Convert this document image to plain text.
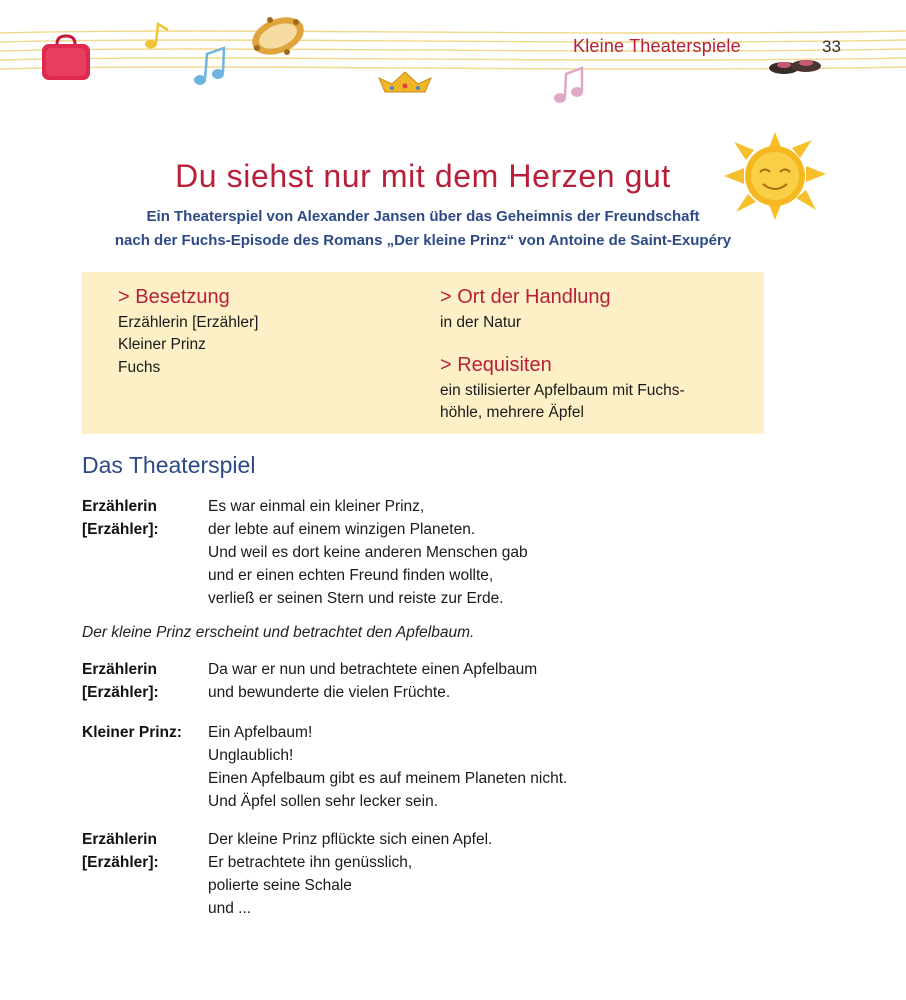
Kleine Theaterspiele	33
Du siehst nur mit dem Herzen gut
Ein Theaterspiel von Alexander Jansen über das Geheimnis der Freundschaft
nach der Fuchs-Episode des Romans „Der kleine Prinz“ von Antoine de Saint-Exupéry
> Besetzung
Erzählerin [Erzähler]
Kleiner Prinz
Fuchs
> Ort der Handlung
in der Natur
> Requisiten
ein stilisierter Apfelbaum mit Fuchs-
höhle, mehrere Äpfel
Das Theaterspiel
Erzählerin
[Erzähler]:
Es war einmal ein kleiner Prinz,
der lebte auf einem winzigen Planeten.
Und weil es dort keine anderen Menschen gab
und er einen echten Freund finden wollte,
verließ er seinen Stern und reiste zur Erde.
Der kleine Prinz erscheint und betrachtet den Apfelbaum.
Erzählerin
[Erzähler]:
Da war er nun und betrachtete einen Apfelbaum
und bewunderte die vielen Früchte.
Kleiner Prinz: Ein Apfelbaum!
Unglaublich!
Einen Apfelbaum gibt es auf meinem Planeten nicht.
Und Äpfel sollen sehr lecker sein.
Erzählerin
[Erzähler]:
Der kleine Prinz pflückte sich einen Apfel.
Er betrachtete ihn genüsslich,
polierte seine Schale
und ...
